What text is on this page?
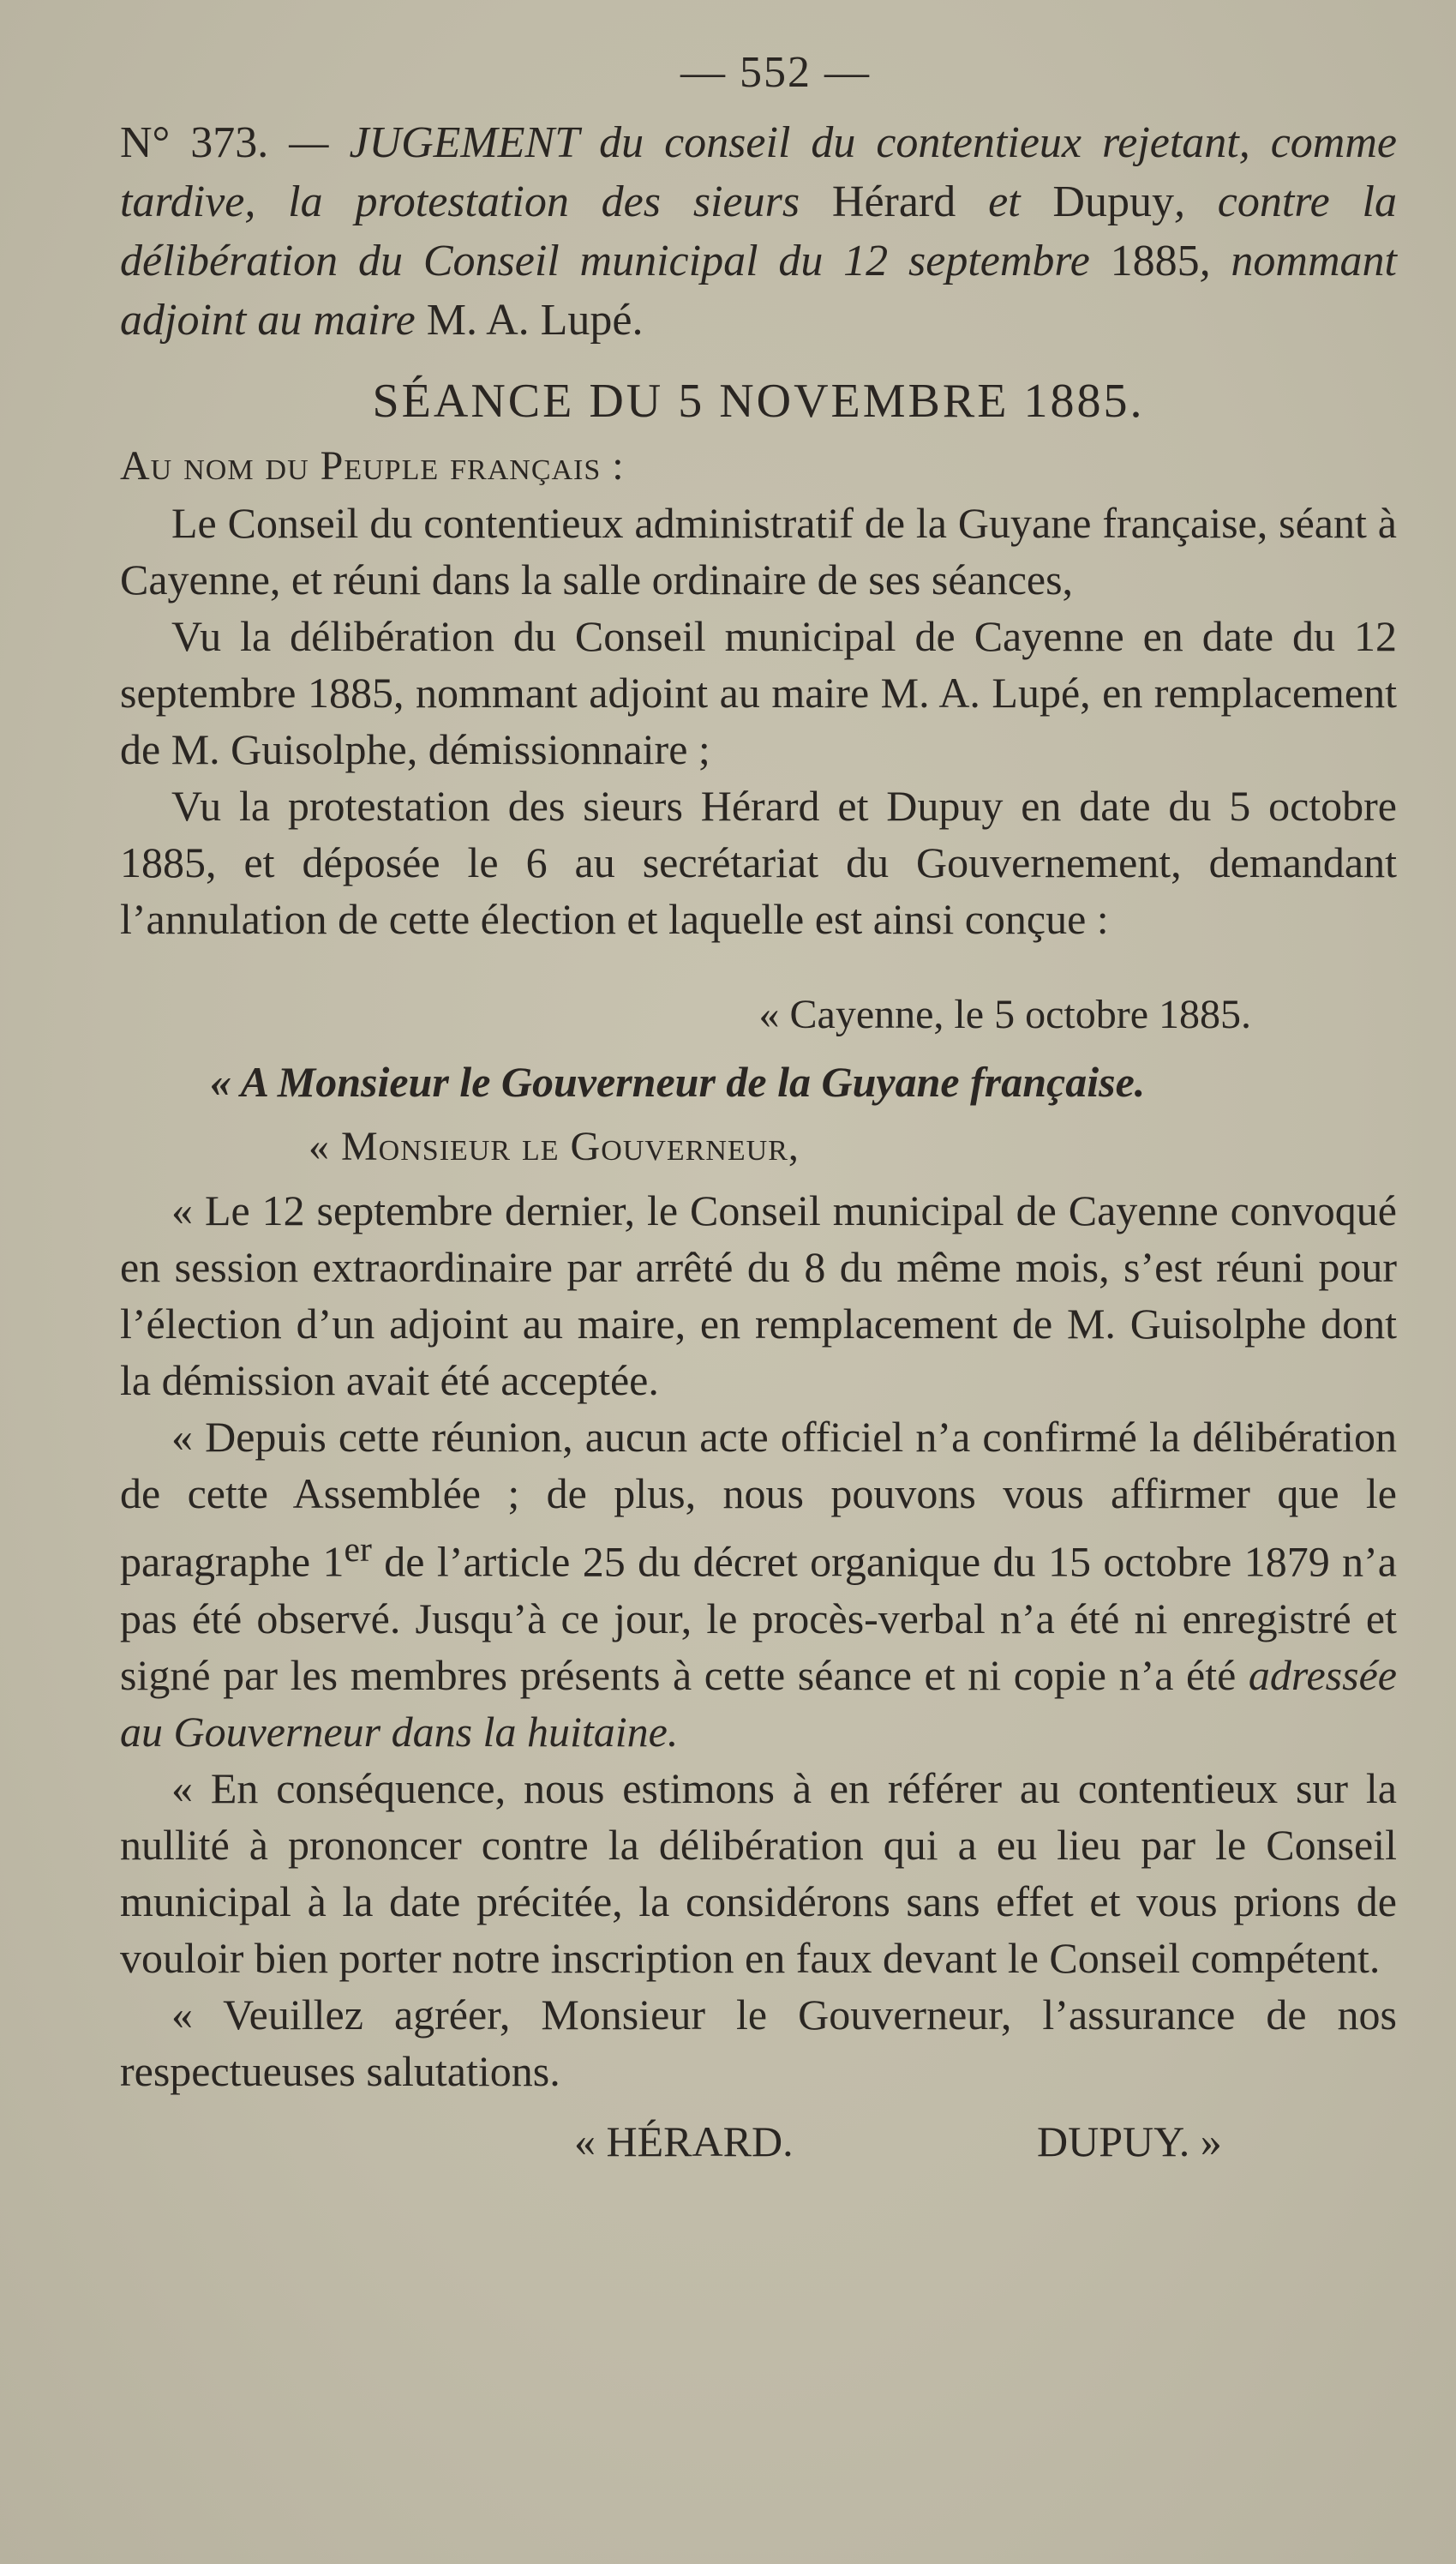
— 552 —

N° 373. — JUGEMENT du conseil du contentieux rejetant, comme tardive, la protestation des sieurs Hérard et Dupuy, contre la délibération du Conseil municipal du 12 septembre 1885, nommant adjoint au maire M. A. Lupé.

SÉANCE DU 5 NOVEMBRE 1885.
Au nom du Peuple français :

Le Conseil du contentieux administratif de la Guyane française, séant à Cayenne, et réuni dans la salle ordinaire de ses séances,

Vu la délibération du Conseil municipal de Cayenne en date du 12 septembre 1885, nommant adjoint au maire M. A. Lupé, en remplacement de M. Guisolphe, démissionnaire ;

Vu la protestation des sieurs Hérard et Dupuy en date du 5 octobre 1885, et déposée le 6 au secrétariat du Gouvernement, demandant l’annulation de cette élection et laquelle est ainsi conçue :

« Cayenne, le 5 octobre 1885.
« A Monsieur le Gouverneur de la Guyane française.
« Monsieur le Gouverneur,

« Le 12 septembre dernier, le Conseil municipal de Cayenne convoqué en session extraordinaire par arrêté du 8 du même mois, s’est réuni pour l’élection d’un adjoint au maire, en remplacement de M. Guisolphe dont la démission avait été acceptée.

« Depuis cette réunion, aucun acte officiel n’a confirmé la délibération de cette Assemblée ; de plus, nous pouvons vous affirmer que le paragraphe 1er de l’article 25 du décret organique du 15 octobre 1879 n’a pas été observé. Jusqu’à ce jour, le procès-verbal n’a été ni enregistré et signé par les membres présents à cette séance et ni copie n’a été adressée au Gouverneur dans la huitaine.

« En conséquence, nous estimons à en référer au contentieux sur la nullité à prononcer contre la délibération qui a eu lieu par le Conseil municipal à la date précitée, la considérons sans effet et vous prions de vouloir bien porter notre inscription en faux devant le Conseil compétent.

« Veuillez agréer, Monsieur le Gouverneur, l’assurance de nos respectueuses salutations.

« HÉRARD.	DUPUY. »
